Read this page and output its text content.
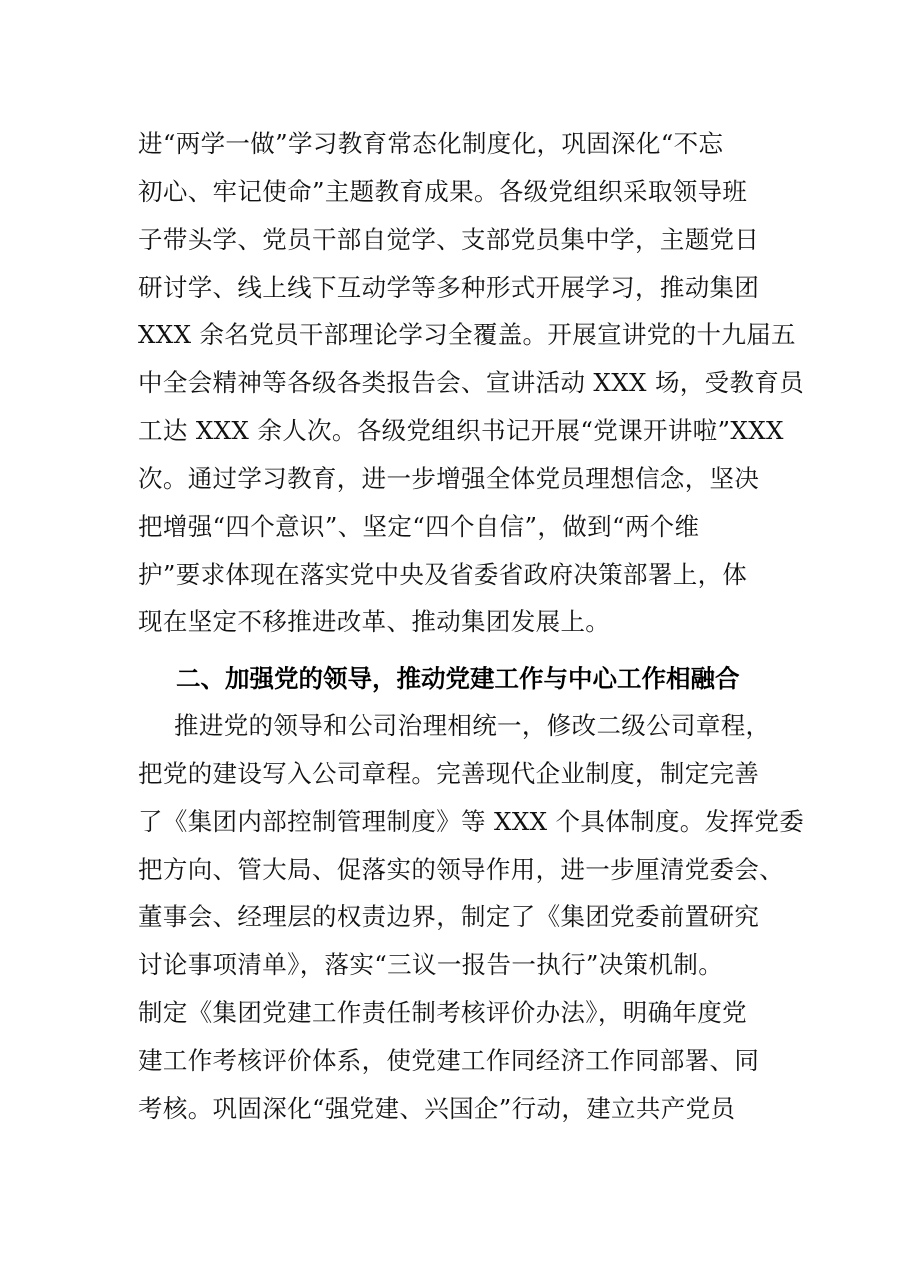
进“两学一做”学习教育常态化制度化，巩固深化“不忘
初心、牢记使命”主题教育成果。各级党组织采取领导班
子带头学、党员干部自觉学、支部党员集中学，主题党日
研讨学、线上线下互动学等多种形式开展学习，推动集团
XXX 余名党员干部理论学习全覆盖。开展宣讲党的十九届五
中全会精神等各级各类报告会、宣讲活动 XXX 场，受教育员
工达 XXX 余人次。各级党组织书记开展“党课开讲啦”XXX
次。通过学习教育，进一步增强全体党员理想信念，坚决
把增强“四个意识”、坚定“四个自信”，做到“两个维
护”要求体现在落实党中央及省委省政府决策部署上，体
现在坚定不移推进改革、推动集团发展上。
二、加强党的领导，推动党建工作与中心工作相融合
推进党的领导和公司治理相统一，修改二级公司章程，
把党的建设写入公司章程。完善现代企业制度，制定完善
了《集团内部控制管理制度》等 XXX 个具体制度。发挥党委
把方向、管大局、促落实的领导作用，进一步厘清党委会、
董事会、经理层的权责边界，制定了《集团党委前置研究
讨论事项清单》，落实“三议一报告一执行”决策机制。
制定《集团党建工作责任制考核评价办法》，明确年度党
建工作考核评价体系，使党建工作同经济工作同部署、同
考核。巩固深化“强党建、兴国企”行动，建立共产党员
